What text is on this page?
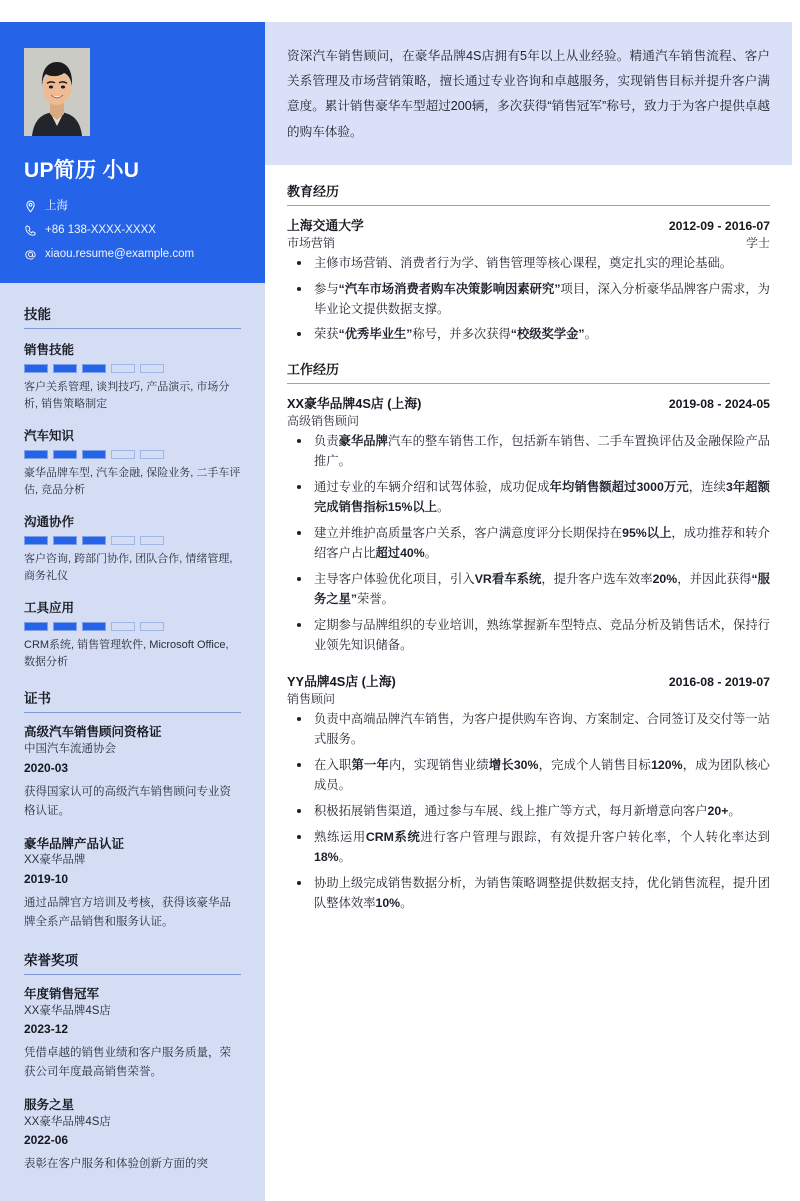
UP简历 小U
上海
+86 138-XXXX-XXXX
xiaou.resume@example.com
技能
销售技能
客户关系管理, 谈判技巧, 产品演示, 市场分析, 销售策略制定
汽车知识
豪华品牌车型, 汽车金融, 保险业务, 二手车评估, 竞品分析
沟通协作
客户咨询, 跨部门协作, 团队合作, 情绪管理, 商务礼仪
工具应用
CRM系统, 销售管理软件, Microsoft Office, 数据分析
证书
高级汽车销售顾问资格证
中国汽车流通协会
2020-03
获得国家认可的高级汽车销售顾问专业资格认证。
豪华品牌产品认证
XX豪华品牌
2019-10
通过品牌官方培训及考核，获得该豪华品牌全系产品销售和服务认证。
荣誉奖项
年度销售冠军
XX豪华品牌4S店
2023-12
凭借卓越的销售业绩和客户服务质量，荣获公司年度最高销售荣誉。
服务之星
XX豪华品牌4S店
2022-06
表彰在客户服务和体验创新方面的突

资深汽车销售顾问，在豪华品牌4S店拥有5年以上从业经验。精通汽车销售流程、客户关系管理及市场营销策略，擅长通过专业咨询和卓越服务，实现销售目标并提升客户满意度。累计销售豪华车型超过200辆，多次获得“销售冠军”称号，致力于为客户提供卓越的购车体验。

教育经历
上海交通大学	2012-09 - 2016-07
市场营销	学士
主修市场营销、消费者行为学、销售管理等核心课程，奠定扎实的理论基础。
参与“汽车市场消费者购车决策影响因素研究”项目，深入分析豪华品牌客户需求，为毕业论文提供数据支撑。
荣获“优秀毕业生”称号，并多次获得“校级奖学金”。
工作经历
XX豪华品牌4S店 (上海)	2019-08 - 2024-05
高级销售顾问
负责豪华品牌汽车的整车销售工作，包括新车销售、二手车置换评估及金融保险产品推广。
通过专业的车辆介绍和试驾体验，成功促成年均销售额超过3000万元，连续3年超额完成销售指标15%以上。
建立并维护高质量客户关系，客户满意度评分长期保持在95%以上，成功推荐和转介绍客户占比超过40%。
主导客户体验优化项目，引入VR看车系统，提升客户选车效率20%，并因此获得“服务之星”荣誉。
定期参与品牌组织的专业培训，熟练掌握新车型特点、竞品分析及销售话术，保持行业领先知识储备。
YY品牌4S店 (上海)	2016-08 - 2019-07
销售顾问
负责中高端品牌汽车销售，为客户提供购车咨询、方案制定、合同签订及交付等一站式服务。
在入职第一年内，实现销售业绩增长30%，完成个人销售目标120%，成为团队核心成员。
积极拓展销售渠道，通过参与车展、线上推广等方式，每月新增意向客户20+。
熟练运用CRM系统进行客户管理与跟踪，有效提升客户转化率，个人转化率达到18%。
协助上级完成销售数据分析，为销售策略调整提供数据支持，优化销售流程，提升团队整体效率10%。
